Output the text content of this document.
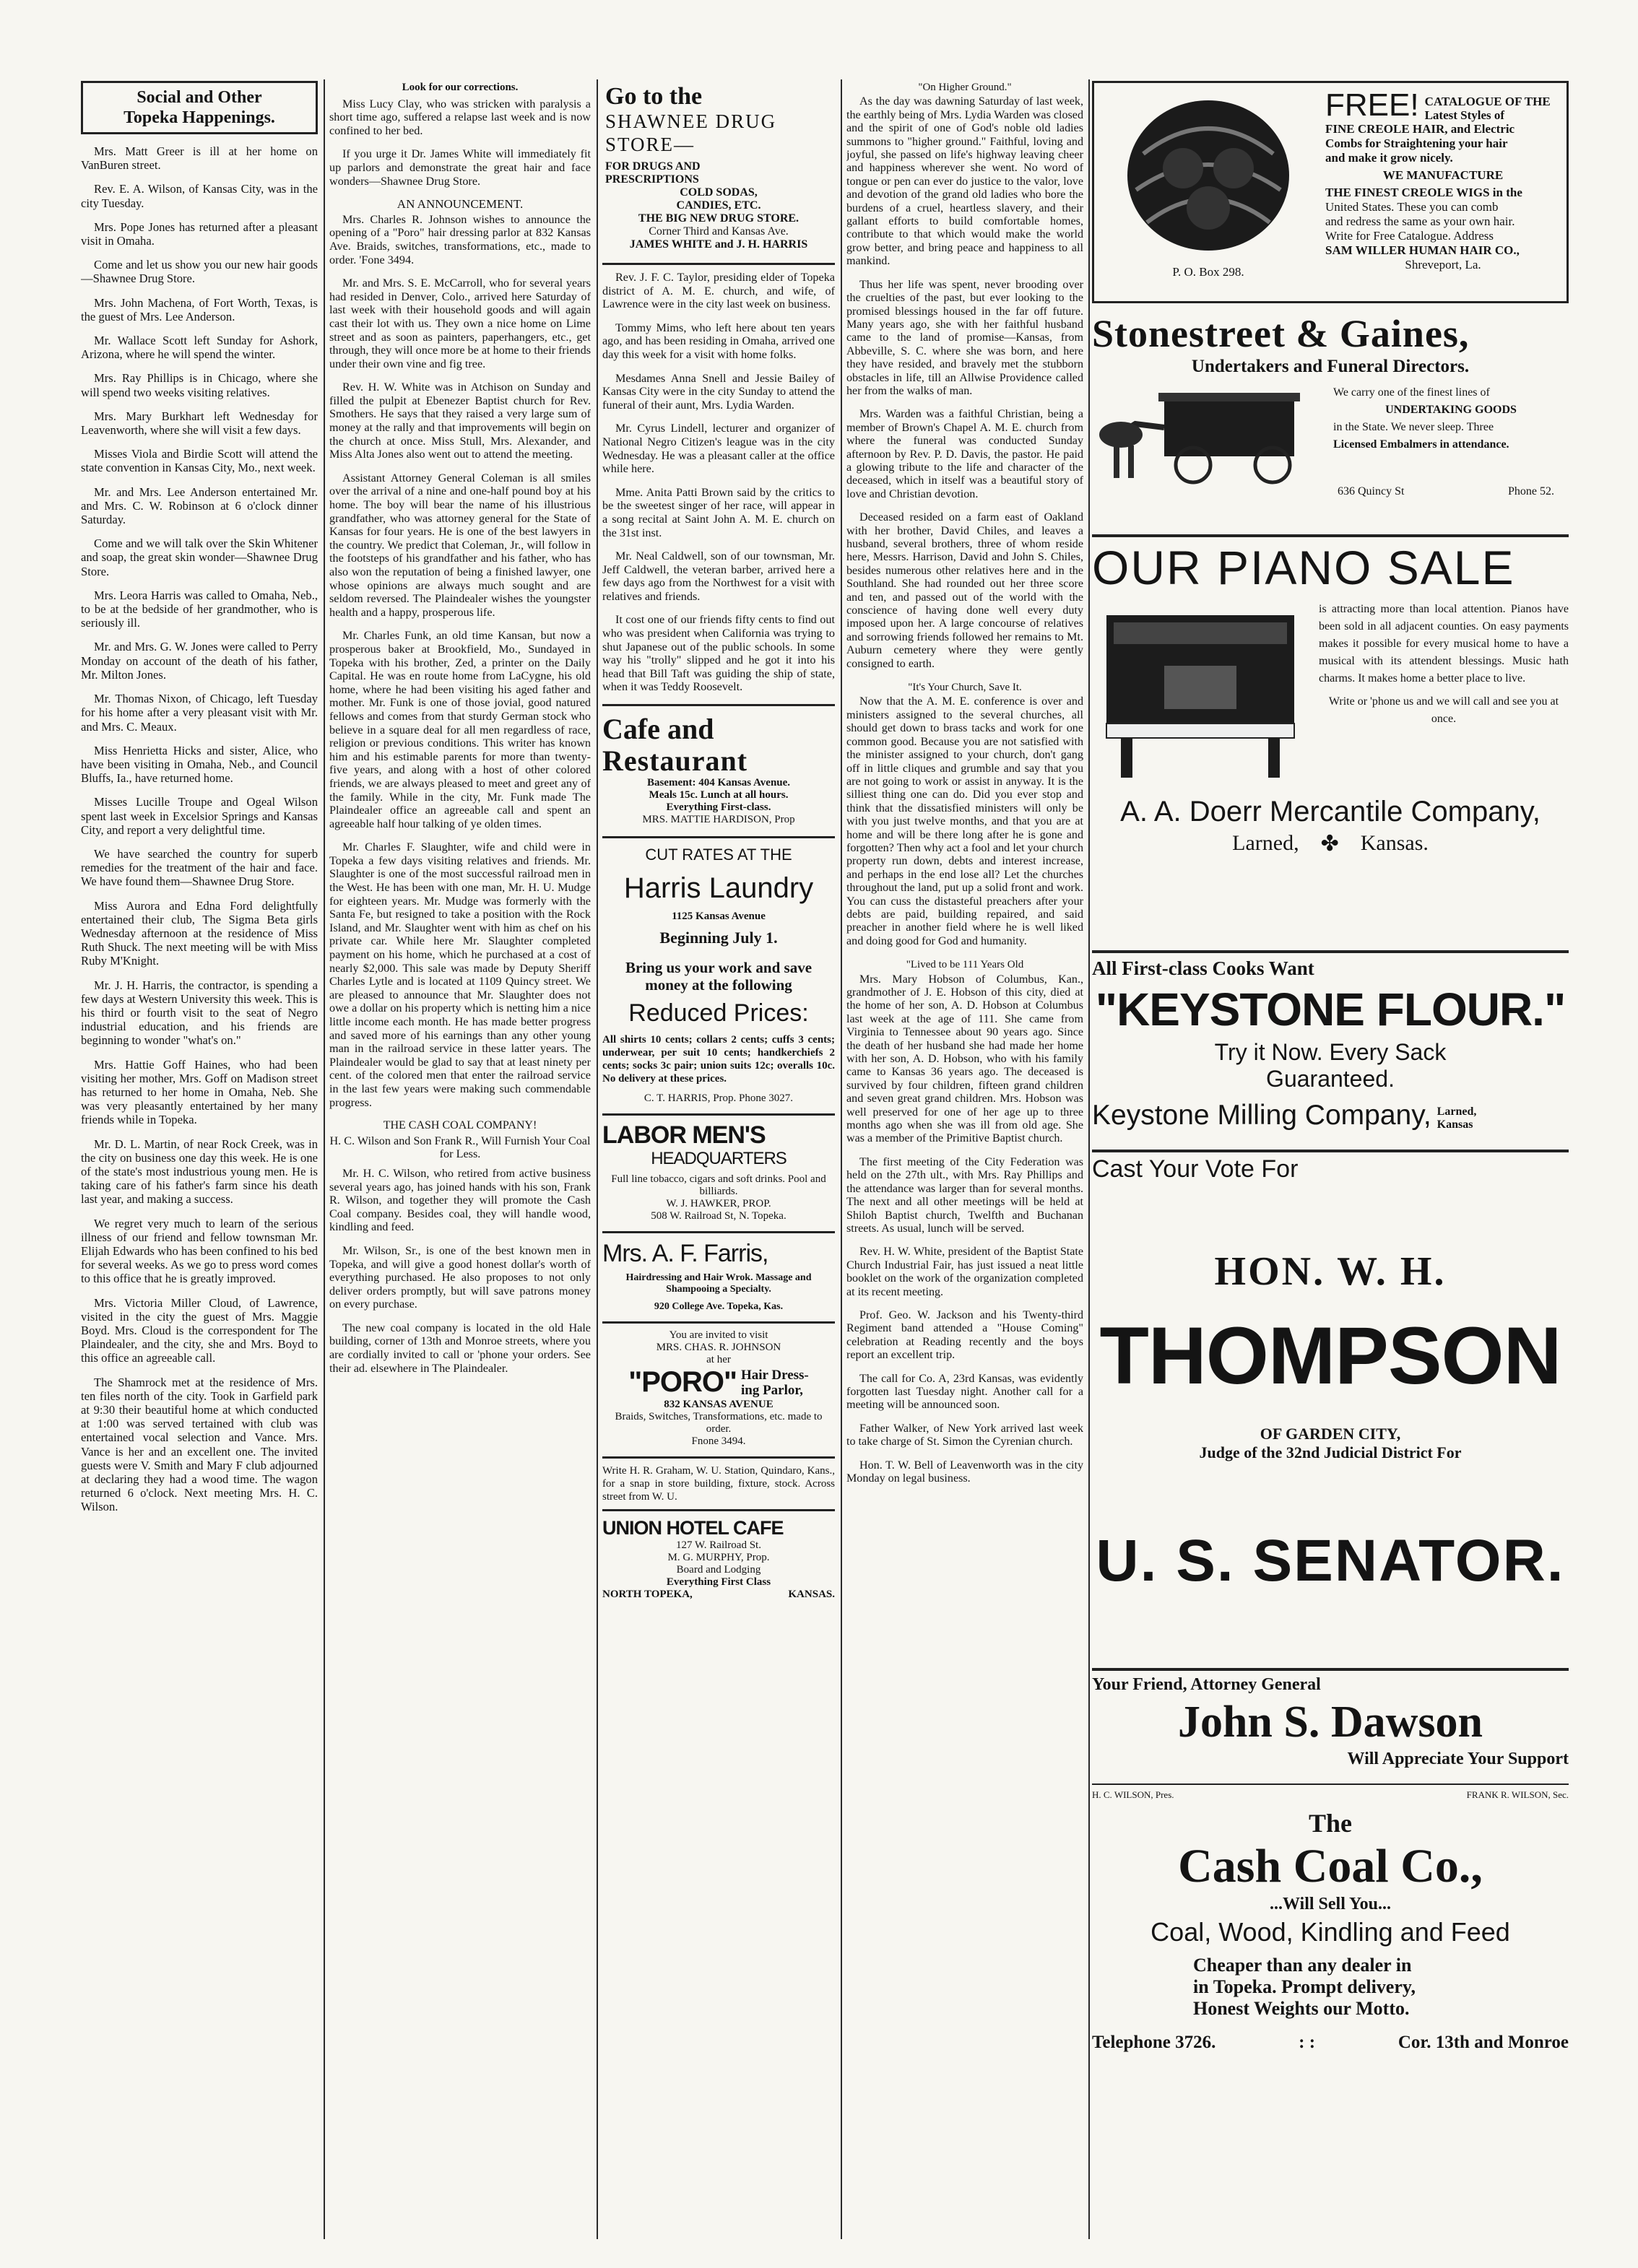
Social and Other
Topeka Happenings.

Mrs. Matt Greer is ill at her home on VanBuren street.

Rev. E. A. Wilson, of Kansas City, was in the city Tuesday.

Mrs. Pope Jones has returned after a pleasant visit in Omaha.

Come and let us show you our new hair goods—Shawnee Drug Store.

Mrs. John Machena, of Fort Worth, Texas, is the guest of Mrs. Lee Anderson.

Mr. Wallace Scott left Sunday for Ashork, Arizona, where he will spend the winter.

Mrs. Ray Phillips is in Chicago, where she will spend two weeks visiting relatives.

Mrs. Mary Burkhart left Wednesday for Leavenworth, where she will visit a few days.

Misses Viola and Birdie Scott will attend the state convention in Kansas City, Mo., next week.

Mr. and Mrs. Lee Anderson entertained Mr. and Mrs. C. W. Robinson at 6 o'clock dinner Saturday.

Come and we will talk over the Skin Whitener and soap, the great skin wonder—Shawnee Drug Store.

Mrs. Leora Harris was called to Omaha, Neb., to be at the bedside of her grandmother, who is seriously ill.

Mr. and Mrs. G. W. Jones were called to Perry Monday on account of the death of his father, Mr. Milton Jones.

Mr. Thomas Nixon, of Chicago, left Tuesday for his home after a very pleasant visit with Mr. and Mrs. C. Meaux.

Miss Henrietta Hicks and sister, Alice, who have been visiting in Omaha, Neb., and Council Bluffs, Ia., have returned home.

Misses Lucille Troupe and Ogeal Wilson spent last week in Excelsior Springs and Kansas City, and report a very delightful time.

We have searched the country for superb remedies for the treatment of the hair and face. We have found them—Shawnee Drug Store.

Miss Aurora and Edna Ford delightfully entertained their club, The Sigma Beta girls Wednesday afternoon at the residence of Miss Ruth Shuck. The next meeting will be with Miss Ruby M'Knight.

Mr. J. H. Harris, the contractor, is spending a few days at Western University this week. This is his third or fourth visit to the seat of Negro industrial education, and his friends are beginning to wonder "what's on."

Mrs. Hattie Goff Haines, who had been visiting her mother, Mrs. Goff on Madison street has returned to her home in Omaha, Neb. She was very pleasantly entertained by her many friends while in Topeka.

Mr. D. L. Martin, of near Rock Creek, was in the city on business one day this week. He is one of the state's most industrious young men. He is taking care of his father's farm since his death last year, and making a success.

We regret very much to learn of the serious illness of our friend and fellow townsman Mr. Elijah Edwards who has been confined to his bed for several weeks. As we go to press word comes to this office that he is greatly improved.

Mrs. Victoria Miller Cloud, of Lawrence, visited in the city the guest of Mrs. Maggie Boyd. Mrs. Cloud is the correspondent for The Plaindealer, and the city, she and Mrs. Boyd to this office an agreeable call.

The Shamrock met at the residence of Mrs. ten files north of the city. Took in Garfield park at 9:30 their beautiful home at which conducted at 1:00 was served tertained with club was entertained vocal selection and Vance. Mrs. Vance is her and an excellent one. The invited guests were V. Smith and Mary F club adjourned at declaring they had a wood time. The wagon returned 6 o'clock. Next meeting Mrs. H. C. Wilson.

Look for our corrections.

Miss Lucy Clay, who was stricken with paralysis a short time ago, suffered a relapse last week and is now confined to her bed.

If you urge it Dr. James White will immediately fit up parlors and demonstrate the great hair and face wonders—Shawnee Drug Store.

AN ANNOUNCEMENT.

Mrs. Charles R. Johnson wishes to announce the opening of a "Poro" hair dressing parlor at 832 Kansas Ave. Braids, switches, transformations, etc., made to order. 'Fone 3494.

Mr. and Mrs. S. E. McCarroll, who for several years had resided in Denver, Colo., arrived here Saturday of last week with their household goods and will again cast their lot with us. They own a nice home on Lime street and as soon as painters, paperhangers, etc., get through, they will once more be at home to their friends under their own vine and fig tree.

Rev. H. W. White was in Atchison on Sunday and filled the pulpit at Ebenezer Baptist church for Rev. Smothers. He says that they raised a very large sum of money at the rally and that improvements will begin on the church at once. Miss Stull, Mrs. Alexander, and Miss Alta Jones also went out to attend the meeting.

Assistant Attorney General Coleman is all smiles over the arrival of a nine and one-half pound boy at his home. The boy will bear the name of his illustrious grandfather, who was attorney general for the State of Kansas for four years. He is one of the best lawyers in the country. We predict that Coleman, Jr., will follow in the footsteps of his grandfather and his father, who has also won the reputation of being a finished lawyer, one whose opinions are always much sought and are seldom reversed. The Plaindealer wishes the youngster health and a happy, prosperous life.

Mr. Charles Funk, an old time Kansan, but now a prosperous baker at Brookfield, Mo., Sundayed in Topeka with his brother, Zed, a printer on the Daily Capital. He was en route home from LaCygne, his old home, where he had been visiting his aged father and mother. Mr. Funk is one of those jovial, good natured fellows and comes from that sturdy German stock who believe in a square deal for all men regardless of race, religion or previous conditions. This writer has known him and his estimable parents for more than twenty-five years, and along with a host of other colored friends, we are always pleased to meet and greet any of the family. While in the city, Mr. Funk made The Plaindealer office an agreeable call and spent an agreeable half hour talking of ye olden times.

Mr. Charles F. Slaughter, wife and child were in Topeka a few days visiting relatives and friends. Mr. Slaughter is one of the most successful railroad men in the West. He has been with one man, Mr. H. U. Mudge for eighteen years. Mr. Mudge was formerly with the Santa Fe, but resigned to take a position with the Rock Island, and Mr. Slaughter went with him as chef on his private car. While here Mr. Slaughter completed payment on his home, which he purchased at a cost of nearly $2,000. This sale was made by Deputy Sheriff Charles Lytle and is located at 1109 Quincy street. We are pleased to announce that Mr. Slaughter does not owe a dollar on his property which is netting him a nice little income each month. He has made better progress and saved more of his earnings than any other young man in the railroad service in these latter years. The Plaindealer would be glad to say that at least ninety per cent. of the colored men that enter the railroad service in the last few years were making such commendable progress.

THE CASH COAL COMPANY!
H. C. Wilson and Son Frank R., Will Furnish Your Coal for Less.

Mr. H. C. Wilson, who retired from active business several years ago, has joined hands with his son, Frank R. Wilson, and together they will promote the Cash Coal company. Besides coal, they will handle wood, kindling and feed.

Mr. Wilson, Sr., is one of the best known men in Topeka, and will give a good honest dollar's worth of everything purchased. He also proposes to not only deliver orders promptly, but will save patrons money on every purchase.

The new coal company is located in the old Hale building, corner of 13th and Monroe streets, where you are cordially invited to call or 'phone your orders. See their ad. elsewhere in The Plaindealer.

Go to the
SHAWNEE DRUG
STORE—
FOR DRUGS AND
PRESCRIPTIONS
COLD SODAS,
CANDIES, ETC.
THE BIG NEW DRUG STORE.
Corner Third and Kansas Ave.
JAMES WHITE and J. H. HARRIS

Rev. J. F. C. Taylor, presiding elder of Topeka district of A. M. E. church, and wife, of Lawrence were in the city last week on business.

Tommy Mims, who left here about ten years ago, and has been residing in Omaha, arrived one day this week for a visit with home folks.

Mesdames Anna Snell and Jessie Bailey of Kansas City were in the city Sunday to attend the funeral of their aunt, Mrs. Lydia Warden.

Mr. Cyrus Lindell, lecturer and organizer of National Negro Citizen's league was in the city Wednesday. He was a pleasant caller at the office while here.

Mme. Anita Patti Brown said by the critics to be the sweetest singer of her race, will appear in a song recital at Saint John A. M. E. church on the 31st inst.

Mr. Neal Caldwell, son of our townsman, Mr. Jeff Caldwell, the veteran barber, arrived here a few days ago from the Northwest for a visit with relatives and friends.

It cost one of our friends fifty cents to find out who was president when California was trying to shut Japanese out of the public schools. In some way his "trolly" slipped and he got it into his head that Bill Taft was guiding the ship of state, when it was Teddy Roosevelt.

Cafe and
Restaurant
Basement: 404 Kansas Avenue.
Meals 15c. Lunch at all hours.
Everything First-class.
MRS. MATTIE HARDISON, Prop
CUT RATES AT THE
Harris Laundry
1125 Kansas Avenue
Beginning July 1.
Bring us your work and save money at the following
Reduced Prices:
All shirts 10 cents; collars 2 cents; cuffs 3 cents; underwear, per suit 10 cents; handkerchiefs 2 cents; socks 3c pair; union suits 12c; overalls 10c. No delivery at these prices.
C. T. HARRIS, Prop. Phone 3027.
LABOR MEN'S
HEADQUARTERS
Full line tobacco, cigars and soft drinks. Pool and billiards.
W. J. HAWKER, PROP.
508 W. Railroad St, N. Topeka.
Mrs. A. F. Farris,
Hairdressing and Hair Wrok. Massage and Shampooing a Specialty.
920 College Ave. Topeka, Kas.
You are invited to visit
MRS. CHAS. R. JOHNSON
at her
"PORO" Hair Dress-
ing Parlor,
832 KANSAS AVENUE
Braids, Switches, Transformations, etc. made to order.
Fnone 3494.
Write H. R. Graham, W. U. Station, Quindaro, Kans., for a snap in store building, fixture, stock. Across street from W. U.
UNION HOTEL CAFE
127 W. Railroad St.
M. G. MURPHY, Prop.
Board and Lodging
Everything First Class
NORTH TOPEKA,	KANSAS.
"On Higher Ground."

As the day was dawning Saturday of last week, the earthly being of Mrs. Lydia Warden was closed and the spirit of one of God's noble old ladies summons to "higher ground." Faithful, loving and joyful, she passed on life's highway leaving cheer and happiness wherever she went. No word of tongue or pen can ever do justice to the valor, love and devotion of the grand old ladies who bore the burdens of a cruel, heartless slavery, and their gallant efforts to build comfortable homes, contribute to that which would make the world grow better, and bring peace and happiness to all mankind.

Thus her life was spent, never brooding over the cruelties of the past, but ever looking to the promised blessings housed in the far off future. Many years ago, she with her faithful husband came to the land of promise—Kansas, from Abbeville, S. C. where she was born, and here they have resided, and bravely met the stubborn obstacles in life, till an Allwise Providence called her from the walks of man.

Mrs. Warden was a faithful Christian, being a member of Brown's Chapel A. M. E. church from where the funeral was conducted Sunday afternoon by Rev. P. D. Davis, the pastor. He paid a glowing tribute to the life and character of the deceased, which in itself was a beautiful story of love and Christian devotion.

Deceased resided on a farm east of Oakland with her brother, David Chiles, and leaves a husband, several brothers, three of whom reside here, Messrs. Harrison, David and John S. Chiles, besides numerous other relatives here and in the Southland. She had rounded out her three score and ten, and passed out of the world with the conscience of having done well every duty imposed upon her. A large concourse of relatives and sorrowing friends followed her remains to Mt. Auburn cemetery where they were gently consigned to earth.

"It's Your Church, Save It.

Now that the A. M. E. conference is over and ministers assigned to the several churches, all should get down to brass tacks and work for one common good. Because you are not satisfied with the minister assigned to your church, don't gang off in little cliques and grumble and say that you are not going to work or assist in anyway. It is the silliest thing one can do. Did you ever stop and think that the dissatisfied ministers will only be with you just twelve months, and that you are at home and will be there long after he is gone and forgotten? Then why act a fool and let your church property run down, debts and interest increase, and perhaps in the end lose all? Let the churches throughout the land, put up a solid front and work. You can cuss the distasteful preachers after your debts are paid, building repaired, and said preacher in another field where he is well liked and doing good for God and humanity.

"Lived to be 111 Years Old

Mrs. Mary Hobson of Columbus, Kan., grandmother of J. E. Hobson of this city, died at the home of her son, A. D. Hobson at Columbus last week at the age of 111. She came from Virginia to Tennessee about 90 years ago. Since the death of her husband she had made her home with her son, A. D. Hobson, who with his family came to Kansas 36 years ago. The deceased is survived by four children, fifteen grand children and seven great grand children. Mrs. Hobson was well preserved for one of her age up to three months ago when she was ill from old age. She was a member of the Primitive Baptist church.

The first meeting of the City Federation was held on the 27th ult., with Mrs. Ray Phillips and the attendance was larger than for several months. The next and all other meetings will be held at Shiloh Baptist church, Twelfth and Buchanan streets. As usual, lunch will be served.

Rev. H. W. White, president of the Baptist State Church Industrial Fair, has just issued a neat little booklet on the work of the organization completed at its recent meeting.

Prof. Geo. W. Jackson and his Twenty-third Regiment band attended a "House Coming" celebration at Reading recently and the boys report an excellent trip.

The call for Co. A, 23rd Kansas, was evidently forgotten last Tuesday night. Another call for a meeting will be announced soon.

Father Walker, of New York arrived last week to take charge of St. Simon the Cyrenian church.

Hon. T. W. Bell of Leavenworth was in the city Monday on legal business.

P. O. Box 298.
FREE! CATALOGUE OF THE
Latest Styles of
FINE CREOLE HAIR, and Electric
Combs for Straightening your hair
and make it grow nicely.
WE MANUFACTURE
THE FINEST CREOLE WIGS in the
United States. These you can comb
and redress the same as your own hair.
Write for Free Catalogue. Address
SAM WILLER HUMAN HAIR CO.,
Shreveport, La.
Stonestreet & Gaines,
Undertakers and Funeral Directors.
We carry one of the finest lines of
UNDERTAKING GOODS
in the State. We never sleep. Three
Licensed Embalmers in attendance.
636 Quincy St	Phone 52.
OUR PIANO SALE
is attracting more than local attention. Pianos have been sold in all adjacent counties. On easy payments makes it possible for every musical home to have a musical with its attendent blessings. Music hath charms. It makes home a better place to live.
Write or 'phone us and we will call and see you at once.
A. A. Doerr Mercantile Company,
Larned, ✤ Kansas.
All First-class Cooks Want
"KEYSTONE FLOUR."
Try it Now. Every Sack
Guaranteed.
Keystone Milling Company, Larned,
Kansas
Cast Your Vote For
HON. W. H.
THOMPSON
OF GARDEN CITY,
Judge of the 32nd Judicial District For
U. S. SENATOR.
Your Friend, Attorney General
John S. Dawson
Will Appreciate Your Support
H. C. WILSON, Pres.	FRANK R. WILSON, Sec.
The
Cash Coal Co.,
...Will Sell You...
Coal, Wood, Kindling and Feed
Cheaper than any dealer in
in Topeka. Prompt delivery,
Honest Weights our Motto.
Telephone 3726.	: :	Cor. 13th and Monroe
